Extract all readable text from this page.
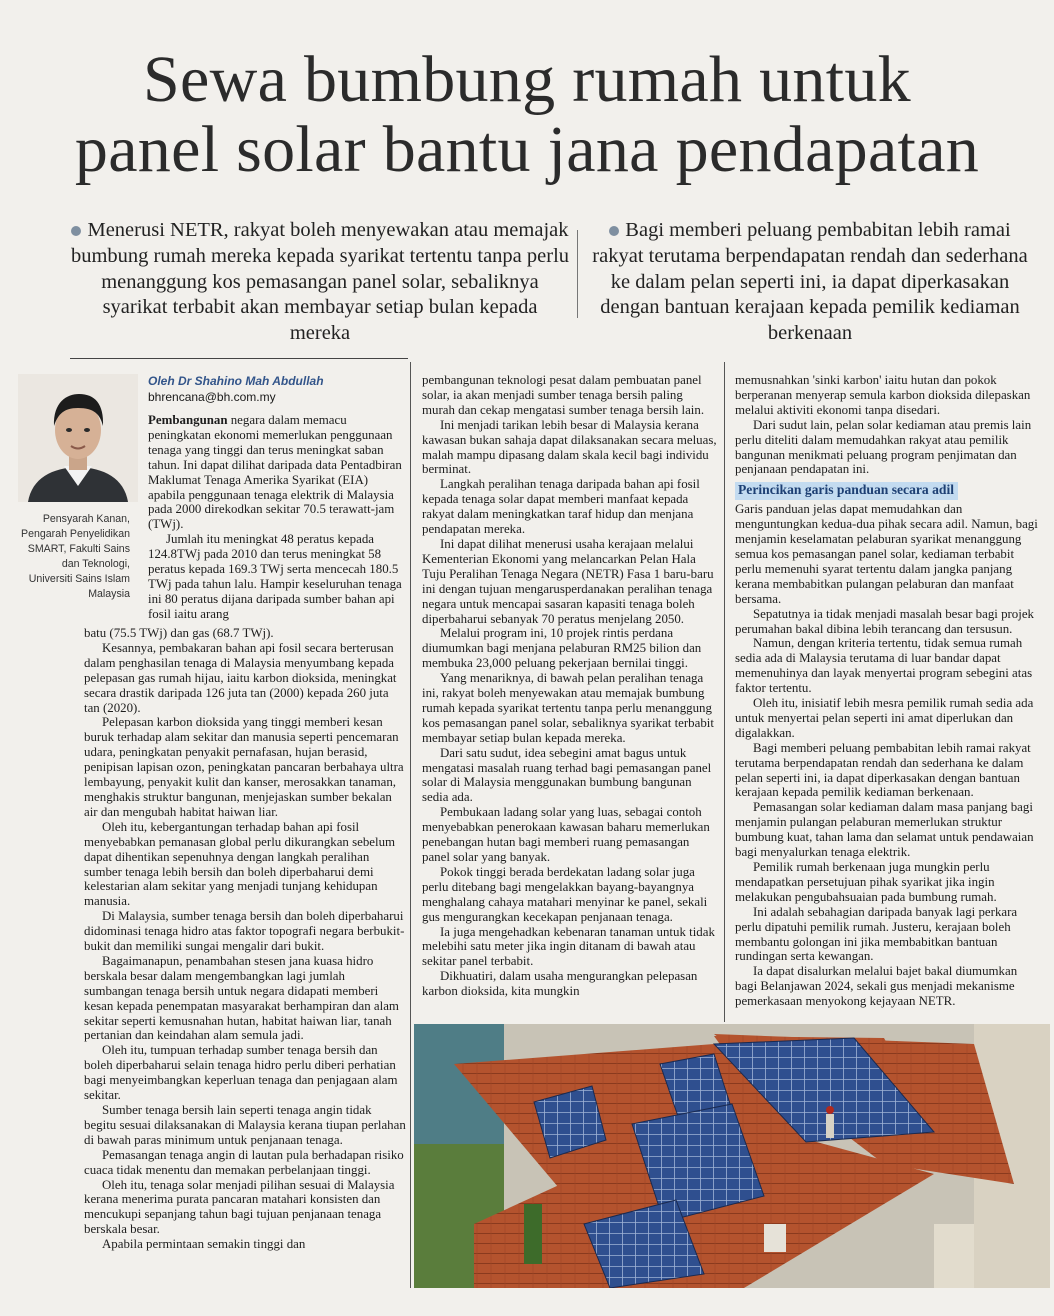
Sewa bumbung rumah untuk
panel solar bantu jana pendapatan
Menerusi NETR, rakyat boleh menyewakan atau memajak bumbung rumah mereka kepada syarikat tertentu tanpa perlu menanggung kos pemasangan panel solar, sebaliknya syarikat terbabit akan membayar setiap bulan kepada mereka
Bagi memberi peluang pembabitan lebih ramai rakyat terutama berpendapatan rendah dan sederhana ke dalam pelan seperti ini, ia dapat diperkasakan dengan bantuan kerajaan kepada pemilik kediaman berkenaan
Pensyarah Kanan, Pengarah Penyelidikan SMART, Fakulti Sains dan Teknologi, Universiti Sains Islam Malaysia
Oleh Dr Shahino Mah Abdullah
bhrencana@bh.com.my

Pembangunan negara dalam memacu peningkatan ekonomi memerlukan penggunaan tenaga yang tinggi dan terus meningkat saban tahun. Ini dapat dilihat daripada data Pentadbiran Maklumat Tenaga Amerika Syarikat (EIA) apabila penggunaan tenaga elektrik di Malaysia pada 2000 direkodkan sekitar 70.5 terawatt-jam (TWj).

Jumlah itu meningkat 48 peratus kepada 124.8TWj pada 2010 dan terus meningkat 58 peratus kepada 169.3 TWj serta mencecah 180.5 TWj pada tahun lalu. Hampir keseluruhan tenaga ini 80 peratus dijana daripada sumber bahan api fosil iaitu arang

batu (75.5 TWj) dan gas (68.7 TWj).

Kesannya, pembakaran bahan api fosil secara berterusan dalam penghasilan tenaga di Malaysia menyumbang kepada pelepasan gas rumah hijau, iaitu karbon dioksida, meningkat secara drastik daripada 126 juta tan (2000) kepada 260 juta tan (2020).

Pelepasan karbon dioksida yang tinggi memberi kesan buruk terhadap alam sekitar dan manusia seperti pencemaran udara, peningkatan penyakit pernafasan, hujan berasid, penipisan lapisan ozon, peningkatan pancaran berbahaya ultra lembayung, penyakit kulit dan kanser, merosakkan tanaman, menghakis struktur bangunan, menjejaskan sumber bekalan air dan mengubah habitat haiwan liar.

Oleh itu, kebergantungan terhadap bahan api fosil menyebabkan pemanasan global perlu dikurangkan sebelum dapat dihentikan sepenuhnya dengan langkah peralihan sumber tenaga lebih bersih dan boleh diperbaharui demi kelestarian alam sekitar yang menjadi tunjang kehidupan manusia.

Di Malaysia, sumber tenaga bersih dan boleh diperbaharui didominasi tenaga hidro atas faktor topografi negara berbukit-bukit dan memiliki sungai mengalir dari bukit.

Bagaimanapun, penambahan stesen jana kuasa hidro berskala besar dalam mengembangkan lagi jumlah sumbangan tenaga bersih untuk negara didapati memberi kesan kepada penempatan masyarakat berhampiran dan alam sekitar seperti kemusnahan hutan, habitat haiwan liar, tanah pertanian dan keindahan alam semula jadi.

Oleh itu, tumpuan terhadap sumber tenaga bersih dan boleh diperbaharui selain tenaga hidro perlu diberi perhatian bagi menyeimbangkan keperluan tenaga dan penjagaan alam sekitar.

Sumber tenaga bersih lain seperti tenaga angin tidak begitu sesuai dilaksanakan di Malaysia kerana tiupan perlahan di bawah paras minimum untuk penjanaan tenaga.

Pemasangan tenaga angin di lautan pula berhadapan risiko cuaca tidak menentu dan memakan perbelanjaan tinggi.

Oleh itu, tenaga solar menjadi pilihan sesuai di Malaysia kerana menerima purata pancaran matahari konsisten dan mencukupi sepanjang tahun bagi tujuan penjanaan tenaga berskala besar.

Apabila permintaan semakin tinggi dan

pembangunan teknologi pesat dalam pembuatan panel solar, ia akan menjadi sumber tenaga bersih paling murah dan cekap mengatasi sumber tenaga bersih lain.

Ini menjadi tarikan lebih besar di Malaysia kerana kawasan bukan sahaja dapat dilaksanakan secara meluas, malah mampu dipasang dalam skala kecil bagi individu berminat.

Langkah peralihan tenaga daripada bahan api fosil kepada tenaga solar dapat memberi manfaat kepada rakyat dalam meningkatkan taraf hidup dan menjana pendapatan mereka.

Ini dapat dilihat menerusi usaha kerajaan melalui Kementerian Ekonomi yang melancarkan Pelan Hala Tuju Peralihan Tenaga Negara (NETR) Fasa 1 baru-baru ini dengan tujuan mengarusperdanakan peralihan tenaga negara untuk mencapai sasaran kapasiti tenaga boleh diperbaharui sebanyak 70 peratus menjelang 2050.

Melalui program ini, 10 projek rintis perdana diumumkan bagi menjana pelaburan RM25 bilion dan membuka 23,000 peluang pekerjaan bernilai tinggi.

Yang menariknya, di bawah pelan peralihan tenaga ini, rakyat boleh menyewakan atau memajak bumbung rumah kepada syarikat tertentu tanpa perlu menanggung kos pemasangan panel solar, sebaliknya syarikat terbabit membayar setiap bulan kepada mereka.

Dari satu sudut, idea sebegini amat bagus untuk mengatasi masalah ruang terhad bagi pemasangan panel solar di Malaysia menggunakan bumbung bangunan sedia ada.

Pembukaan ladang solar yang luas, sebagai contoh menyebabkan penerokaan kawasan baharu memerlukan penebangan hutan bagi memberi ruang pemasangan panel solar yang banyak.

Pokok tinggi berada berdekatan ladang solar juga perlu ditebang bagi mengelakkan bayang-bayangnya menghalang cahaya matahari menyinar ke panel, sekali gus mengurangkan kecekapan penjanaan tenaga.

Ia juga mengehadkan kebenaran tanaman untuk tidak melebihi satu meter jika ingin ditanam di bawah atau sekitar panel terbabit.

Dikhuatiri, dalam usaha mengurangkan pelepasan karbon dioksida, kita mungkin

memusnahkan 'sinki karbon' iaitu hutan dan pokok berperanan menyerap semula karbon dioksida dilepaskan melalui aktiviti ekonomi tanpa disedari.

Dari sudut lain, pelan solar kediaman atau premis lain perlu diteliti dalam memudahkan rakyat atau pemilik bangunan menikmati peluang program penjimatan dan penjanaan pendapatan ini.

Perincikan garis panduan secara adil

Garis panduan jelas dapat memudahkan dan menguntungkan kedua-dua pihak secara adil. Namun, bagi menjamin keselamatan pelaburan syarikat menanggung semua kos pemasangan panel solar, kediaman terbabit perlu memenuhi syarat tertentu dalam jangka panjang kerana membabitkan pulangan pelaburan dan manfaat bersama.

Sepatutnya ia tidak menjadi masalah besar bagi projek perumahan bakal dibina lebih terancang dan tersusun.

Namun, dengan kriteria tertentu, tidak semua rumah sedia ada di Malaysia terutama di luar bandar dapat memenuhinya dan layak menyertai program sebegini atas faktor tertentu.

Oleh itu, inisiatif lebih mesra pemilik rumah sedia ada untuk menyertai pelan seperti ini amat diperlukan dan digalakkan.

Bagi memberi peluang pembabitan lebih ramai rakyat terutama berpendapatan rendah dan sederhana ke dalam pelan seperti ini, ia dapat diperkasakan dengan bantuan kerajaan kepada pemilik kediaman berkenaan.

Pemasangan solar kediaman dalam masa panjang bagi menjamin pulangan pelaburan memerlukan struktur bumbung kuat, tahan lama dan selamat untuk pendawaian bagi menyalurkan tenaga elektrik.

Pemilik rumah berkenaan juga mungkin perlu mendapatkan persetujuan pihak syarikat jika ingin melakukan pengubahsuaian pada bumbung rumah.

Ini adalah sebahagian daripada banyak lagi perkara perlu dipatuhi pemilik rumah. Justeru, kerajaan boleh membantu golongan ini jika membabitkan bantuan rundingan serta kewangan.

Ia dapat disalurkan melalui bajet bakal diumumkan bagi Belanjawan 2024, sekali gus menjadi mekanisme pemerkasaan menyokong kejayaan NETR.
